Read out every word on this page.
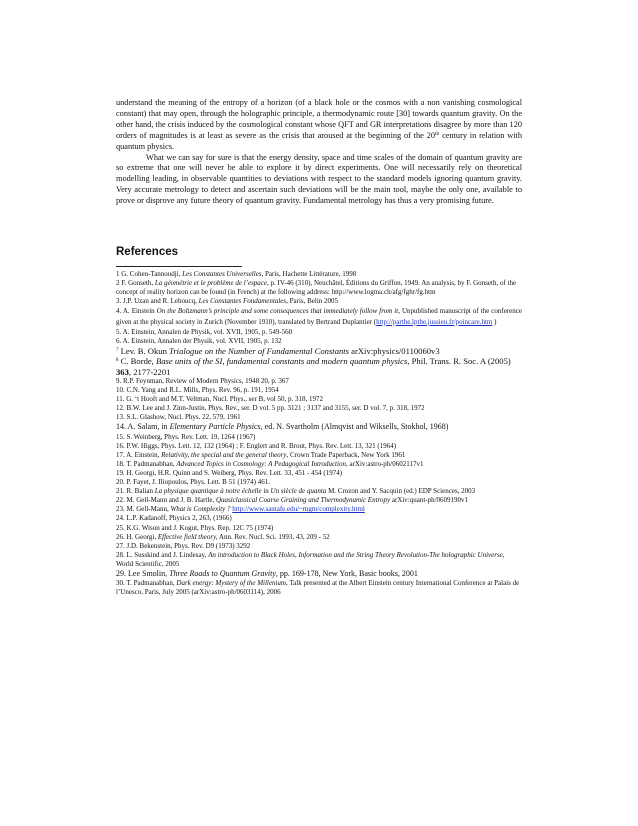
understand the meaning of the entropy of a horizon (of a black hole or the cosmos with a non vanishing cosmological constant) that may open, through the holographic principle, a thermodynamic route [30] towards quantum gravity. On the other hand, the crisis induced by the cosmological constant whose QFT and GR interpretations disagree by more than 120 orders of magnitudes is at least as severe as the crisis that aroused at the beginning of the 20th century in relation with quantum physics.

What we can say for sure is that the energy density, space and time scales of the domain of quantum gravity are so extreme that one will never be able to explore it by direct experiments. One will necessarily rely on theoretical modelling leading, in observable quantities to deviations with respect to the standard models ignoring quantum gravity. Very accurate metrology to detect and ascertain such deviations will be the main tool, maybe the only one, available to prove or disprove any future theory of quantum gravity. Fundamental metrology has thus a very promising future.

References
1 G. Cohen-Tannoudji, Les Constantes Universelles, Paris, Hachette Littérature, 1998
2 F. Gonseth, La géométrie et le problème de l’espace, p. IV-46 (310), Neuchâtel, Éditions du Griffon, 1949. An analysis, by F. Gonseth, of the concept of reality horizon can be found (in French) at the following address: http://www.logma.ch/afg/fghr/fg.htm
3. J.P. Uzan and R. Lehoucq, Les Constantes Fondamentales, Paris, Belin 2005
4. A. Einstein On the Boltzmann’s principle and some consequences that immediately follow from it, Unpublished manuscript of the conference given at the physical society in Zurich (November 1910), translated by Bertrand Duplantier (http://parthe.lpthe.jussieu.fr/poincare.htm )
5. A. Einstein, Annalen de Physik, vol. XVII, 1905, p. 549-560
6. A. Einstein, Annalen der Physik, vol. XVII, 1905, p. 132
$^7$ Lev. B. Okun Trialogue on the Number of Fundamental Constants arXiv:physics/0110060v3
$^8$ C. Borde, Base units of the SI, fundamental constants and modern quantum physics, Phil. Trans. R. Soc. A (2005) 363, 2177-2201
9. R.P. Feynman, Review of Modern Physics, 1948 20, p. 367
10. C.N. Yang and R.L. Mills, Phys. Rev. 96, p. 191, 1954
11. G. ‘t Hooft and M.T. Veltman, Nucl. Phys., ser B, vol 50, p. 318, 1972
12. B.W. Lee and J. Zinn-Justin, Phys. Rev., ser. D vol. 5 pp. 3121 ; 3137 and 3155, ser. D vol. 7, p. 318, 1972
13. S.L. Glashow, Nucl. Phys. 22, 579, 1961
14. A. Salam, in Elementary Particle Physics, ed. N. Svartholm (Almqvist and Wiksells, Stokhol, 1968)
15. S. Weinberg, Phys. Rev. Lett. 19, 1264 (1967)
16. P.W. Higgs, Phys. Lett. 12, 132 (1964) ; F. Englert and R. Brout, Phys. Rev. Lett. 13, 321 (1964)
17. A. Einstein, Relativity, the special and the general theory, Crown Trade Paperback, New York 1961
18. T. Padmanabhan, Advanced Topics in Cosmology: A Pedagogical Introduction, arXiv:astro-ph/0602117v1
19. H. Georgi, H.R. Quinn and S. Weiberg, Phys. Rev. Lett. 33, 451 - 454 (1974)
20. P. Fayet, J. Iliopoulos, Phys. Lett. B 51 (1974) 461.
21. R. Balian La physique quantique à notre échelle in Un siècle de quanta M. Crozon and Y. Sacquin (ed.) EDP Sciences, 2003
22. M. Gell-Mann and J. B. Hartle, Quasiclassical Coarse Graining and Thermodynamic Entropy arXiv:quant-ph/0609190v1
23. M. Gell-Mann, What is Complexity ? http://www.santafe.edu/~mgm/complexity.html
24. L.P. Kadanoff, Physics 2, 263, (1966)
25. K.G. Wison and J. Kogut, Phys. Rep. 12C 75 (1974)
26. H. Georgi, Effective field theory, Ann. Rev. Nucl. Sci. 1993, 43, 209 - 52
27. J.D. Bekenstein, Phys. Rev. D9 (1973) 3292
28. L. Susskind and J. Lindesay, An introduction to Black Holes, Information and the String Theory Revolution-The holographic Universe, World Scientific, 2005
29. Lee Smolin, Three Roads to Quantum Gravity, pp. 169-178, New York, Basic books, 2001
30. T. Padmanabhan, Dark energy: Mystery of the Millenium, Talk presented at the Albert Einstein century International Conference at Palais de l’Unesco, Paris, July 2005 (arXiv:astro-ph/0603114), 2006
